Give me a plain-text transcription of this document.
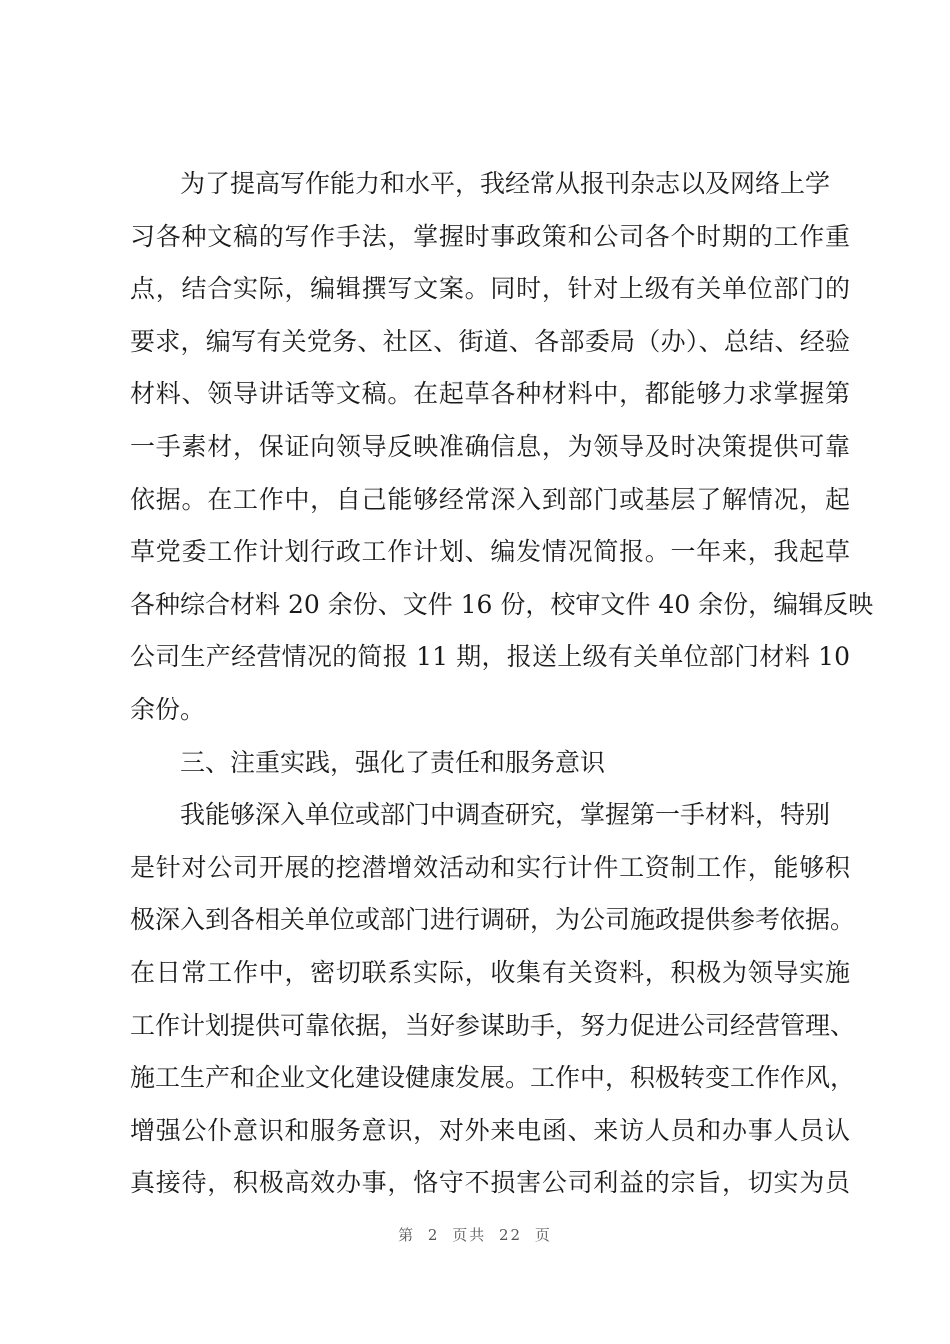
为了提高写作能力和水平，我经常从报刊杂志以及网络上学
习各种文稿的写作手法，掌握时事政策和公司各个时期的工作重
点，结合实际，编辑撰写文案。同时，针对上级有关单位部门的
要求，编写有关党务、社区、街道、各部委局（办）、总结、经验
材料、领导讲话等文稿。在起草各种材料中，都能够力求掌握第
一手素材，保证向领导反映准确信息，为领导及时决策提供可靠
依据。在工作中，自己能够经常深入到部门或基层了解情况，起
草党委工作计划行政工作计划、编发情况简报。一年来，我起草
各种综合材料 20 余份、文件 16 份，校审文件 40 余份，编辑反映
公司生产经营情况的简报 11 期，报送上级有关单位部门材料 10
余份。
三、注重实践，强化了责任和服务意识
我能够深入单位或部门中调查研究，掌握第一手材料，特别
是针对公司开展的挖潜增效活动和实行计件工资制工作，能够积
极深入到各相关单位或部门进行调研，为公司施政提供参考依据。
在日常工作中，密切联系实际，收集有关资料，积极为领导实施
工作计划提供可靠依据，当好参谋助手，努力促进公司经营管理、
施工生产和企业文化建设健康发展。工作中，积极转变工作作风，
增强公仆意识和服务意识，对外来电函、来访人员和办事人员认
真接待，积极高效办事，恪守不损害公司利益的宗旨，切实为员
第 2 页共 22 页
